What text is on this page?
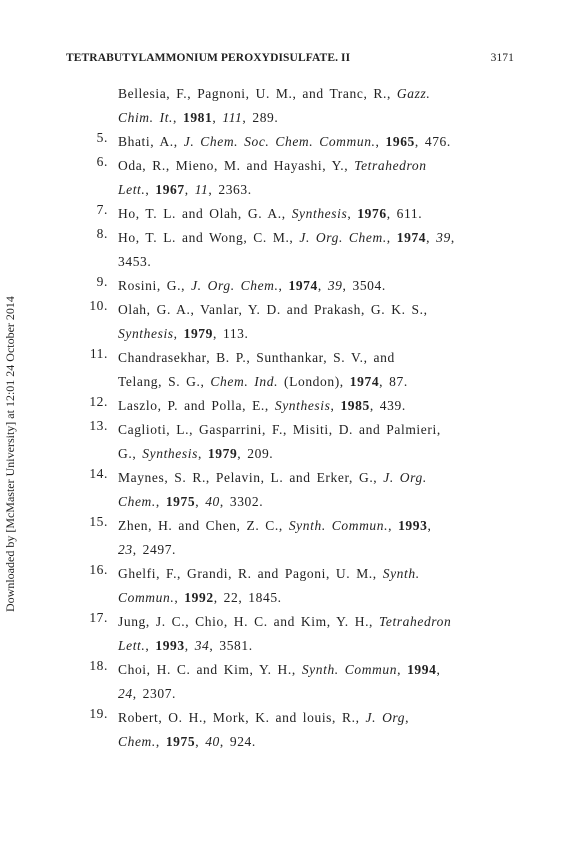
TETRABUTYLAMMONIUM PEROXYDISULFATE. II	3171
Downloaded by [McMaster University] at 12:01 24 October 2014
Bellesia, F., Pagnoni, U. M., and Tranc, R., Gazz.
Chim. It., 1981, 111, 289.
5. Bhati, A., J. Chem. Soc. Chem. Commun., 1965, 476.
6. Oda, R., Mieno, M. and Hayashi, Y., Tetrahedron
Lett., 1967, 11, 2363.
7. Ho, T. L. and Olah, G. A., Synthesis, 1976, 611.
8. Ho, T. L. and Wong, C. M., J. Org. Chem., 1974, 39,
3453.
9. Rosini, G., J. Org. Chem., 1974, 39, 3504.
10. Olah, G. A., Vanlar, Y. D. and Prakash, G. K. S.,
Synthesis, 1979, 113.
11. Chandrasekhar, B. P., Sunthankar, S. V., and
Telang, S. G., Chem. Ind. (London), 1974, 87.
12. Laszlo, P. and Polla, E., Synthesis, 1985, 439.
13. Caglioti, L., Gasparrini, F., Misiti, D. and Palmieri,
G., Synthesis, 1979, 209.
14. Maynes, S. R., Pelavin, L. and Erker, G., J. Org.
Chem., 1975, 40, 3302.
15. Zhen, H. and Chen, Z. C., Synth. Commun., 1993,
23, 2497.
16. Ghelfi, F., Grandi, R. and Pagoni, U. M., Synth.
Commun., 1992, 22, 1845.
17. Jung, J. C., Chio, H. C. and Kim, Y. H., Tetrahedron
Lett., 1993, 34, 3581.
18. Choi, H. C. and Kim, Y. H., Synth. Commun, 1994,
24, 2307.
19. Robert, O. H., Mork, K. and louis, R., J. Org,
Chem., 1975, 40, 924.
